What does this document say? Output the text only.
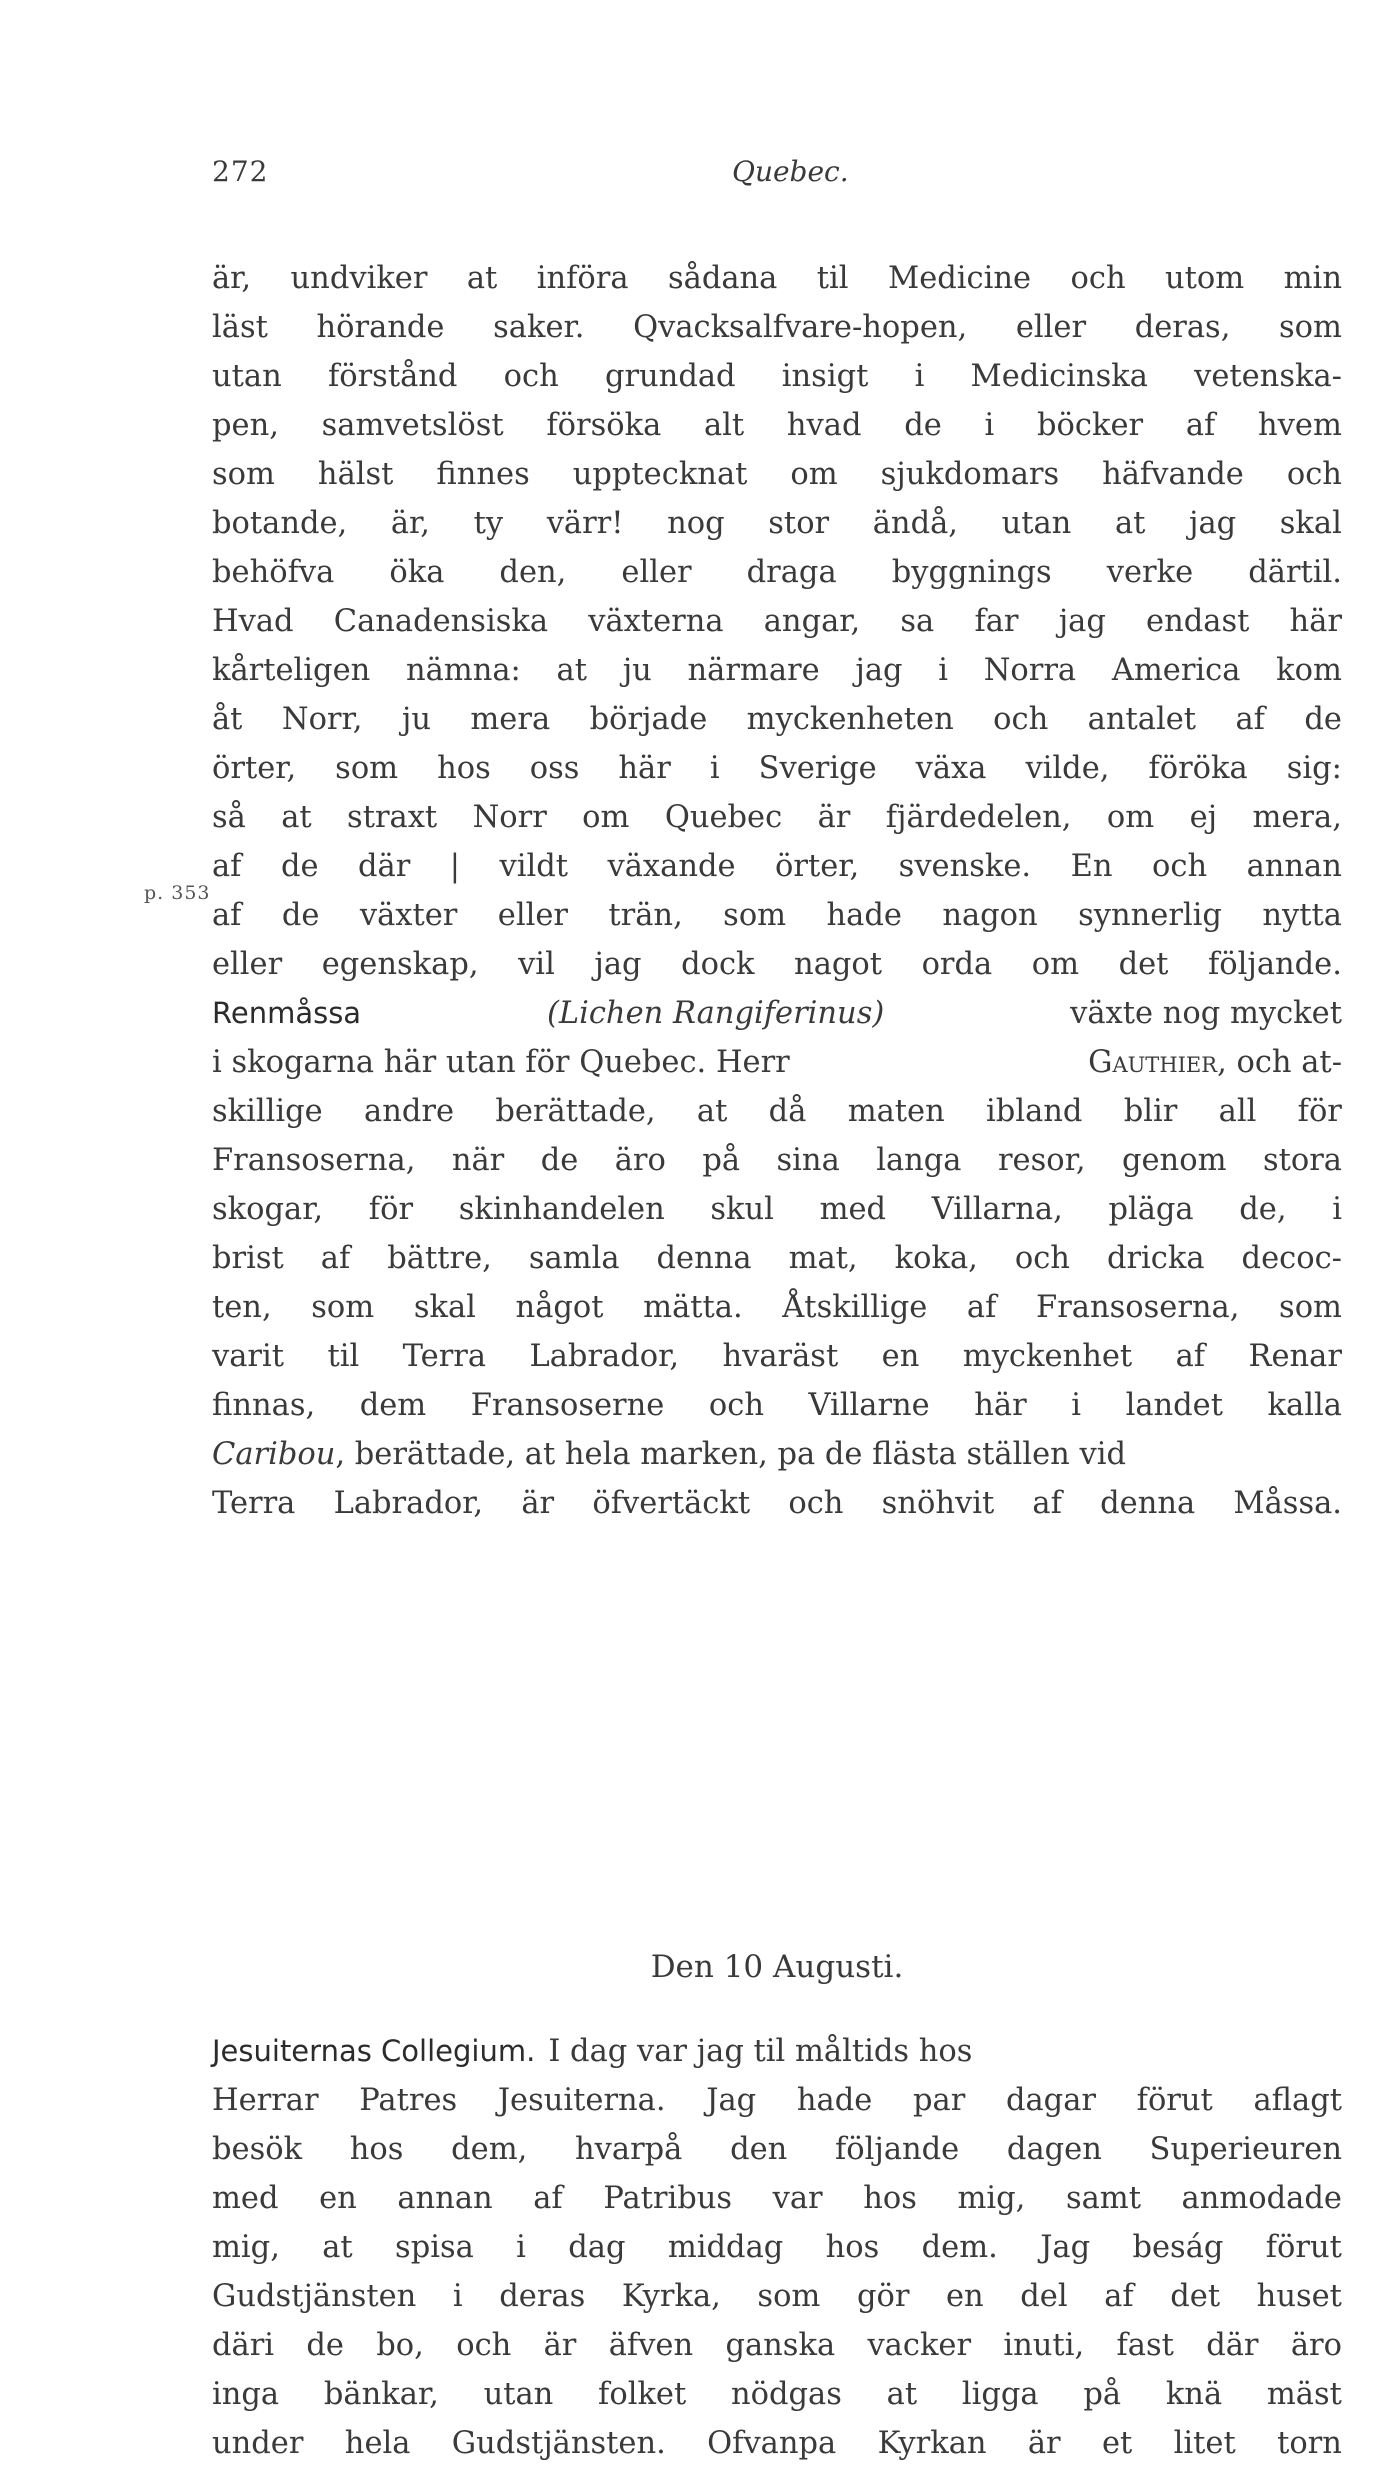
272	Quebec.
p. 353
är, undviker at införa sådana til Medicine och utom min
läst hörande saker. Qvacksalfvare-hopen, eller deras, som
utan förstånd och grundad insigt i Medicinska vetenska-
pen, samvetslöst försöka alt hvad de i böcker af hvem
som hälst finnes upptecknat om sjukdomars häfvande och
botande, är, ty värr! nog stor ändå, utan at jag skal
behöfva öka den, eller draga byggnings verke därtil.
Hvad Canadensiska växterna angar, sa far jag endast här
kårteligen nämna: at ju närmare jag i Norra America kom
åt Norr, ju mera började myckenheten och antalet af de
örter, som hos oss här i Sverige växa vilde, föröka sig:
så at straxt Norr om Quebec är fjärdedelen, om ej mera,
af de där | vildt växande örter, svenske. En och annan
af de växter eller trän, som hade nagon synnerlig nytta
eller egenskap, vil jag dock nagot orda om det följande.
Renmåssa	(Lichen Rangiferinus)	växte nog mycket
i skogarna här utan för Quebec. Herr	Gauthier, och at-
skillige andre berättade, at då maten ibland blir all för
Fransoserna, när de äro på sina langa resor, genom stora
skogar, för skinhandelen skul med Villarna, pläga de, i
brist af bättre, samla denna mat, koka, och dricka decoc-
ten, som skal något mätta. Åtskillige af Fransoserna, som
varit til Terra Labrador, hvaräst en myckenhet af Renar
finnas, dem Fransoserne och Villarne här i landet kalla
Caribou, berättade, at hela marken, pa de flästa ställen vid
Terra Labrador, är öfvertäckt och snöhvit af denna Måssa.
Den 10 Augusti.
Jesuiternas Collegium. I dag var jag til måltids hos
Herrar Patres Jesuiterna. Jag hade par dagar förut aflagt
besök hos dem, hvarpå den följande dagen Superieuren
med en annan af Patribus var hos mig, samt anmodade
mig, at spisa i dag middag hos dem. Jag beság förut
Gudstjänsten i deras Kyrka, som gör en del af det huset
däri de bo, och är äfven ganska vacker inuti, fast där äro
inga bänkar, utan folket nödgas at ligga på knä mäst
under hela Gudstjänsten. Ofvanpa Kyrkan är et litet torn
